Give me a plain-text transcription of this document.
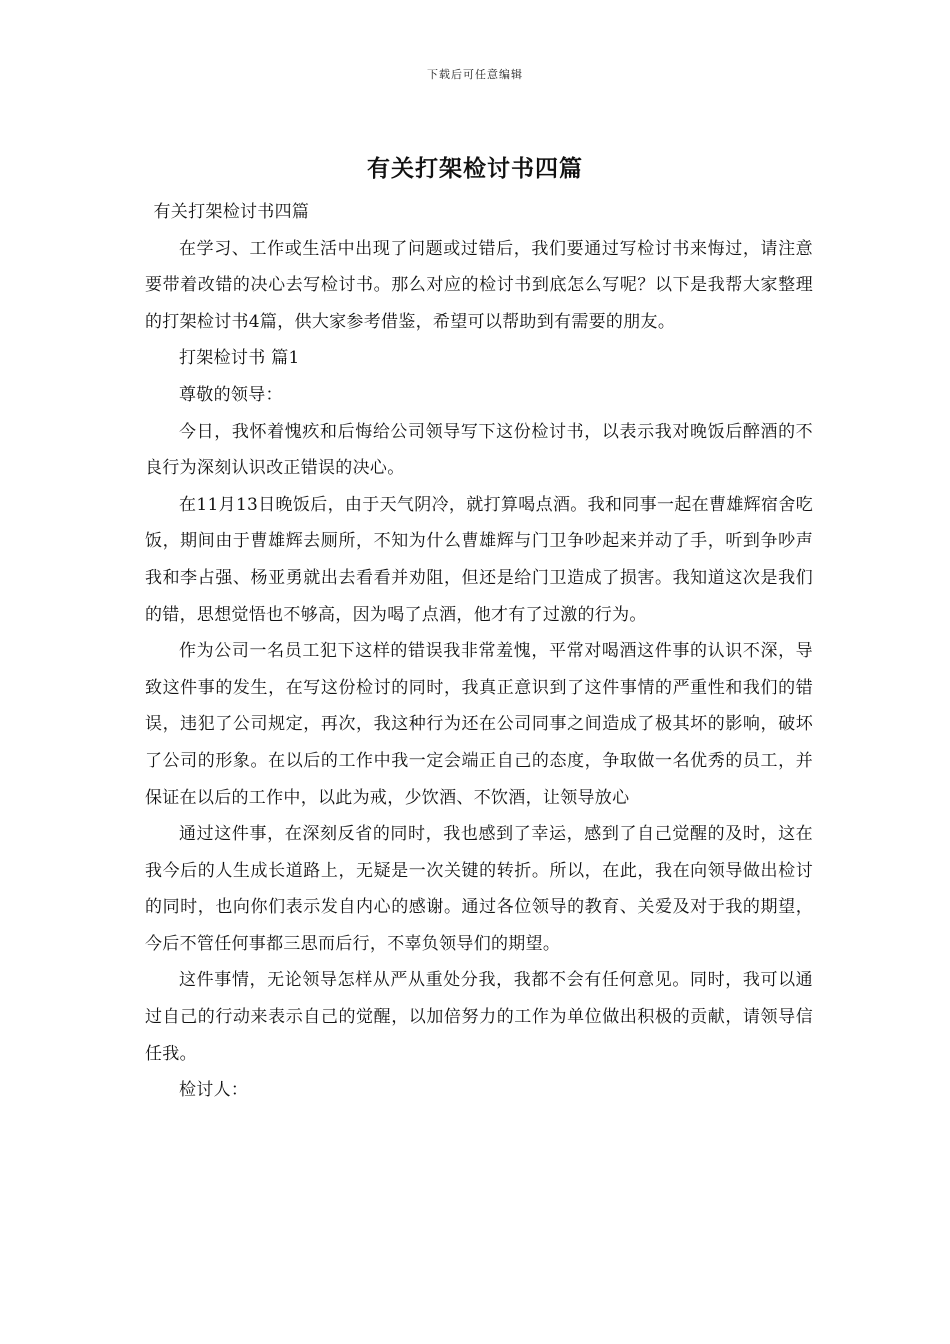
下载后可任意编辑
有关打架检讨书四篇

有关打架检讨书四篇

在学习、工作或生活中出现了问题或过错后，我们要通过写检讨书来悔过，请注意要带着改错的决心去写检讨书。那么对应的检讨书到底怎么写呢？以下是我帮大家整理的打架检讨书4篇，供大家参考借鉴，希望可以帮助到有需要的朋友。

打架检讨书 篇1

尊敬的领导：

今日，我怀着愧疚和后悔给公司领导写下这份检讨书，以表示我对晚饭后醉酒的不良行为深刻认识改正错误的决心。

在11月13日晚饭后，由于天气阴冷，就打算喝点酒。我和同事一起在曹雄辉宿舍吃饭，期间由于曹雄辉去厕所，不知为什么曹雄辉与门卫争吵起来并动了手，听到争吵声我和李占强、杨亚勇就出去看看并劝阻，但还是给门卫造成了损害。我知道这次是我们的错，思想觉悟也不够高，因为喝了点酒，他才有了过激的行为。

作为公司一名员工犯下这样的错误我非常羞愧，平常对喝酒这件事的认识不深，导致这件事的发生，在写这份检讨的同时，我真正意识到了这件事情的严重性和我们的错误，违犯了公司规定，再次，我这种行为还在公司同事之间造成了极其坏的影响，破坏了公司的形象。在以后的工作中我一定会端正自己的态度，争取做一名优秀的员工，并保证在以后的工作中，以此为戒，少饮酒、不饮酒，让领导放心

通过这件事，在深刻反省的同时，我也感到了幸运，感到了自己觉醒的及时，这在我今后的人生成长道路上，无疑是一次关键的转折。所以，在此，我在向领导做出检讨的同时，也向你们表示发自内心的感谢。通过各位领导的教育、关爱及对于我的期望，今后不管任何事都三思而后行，不辜负领导们的期望。

这件事情，无论领导怎样从严从重处分我，我都不会有任何意见。同时，我可以通过自己的行动来表示自己的觉醒，以加倍努力的工作为单位做出积极的贡献，请领导信任我。

检讨人：
